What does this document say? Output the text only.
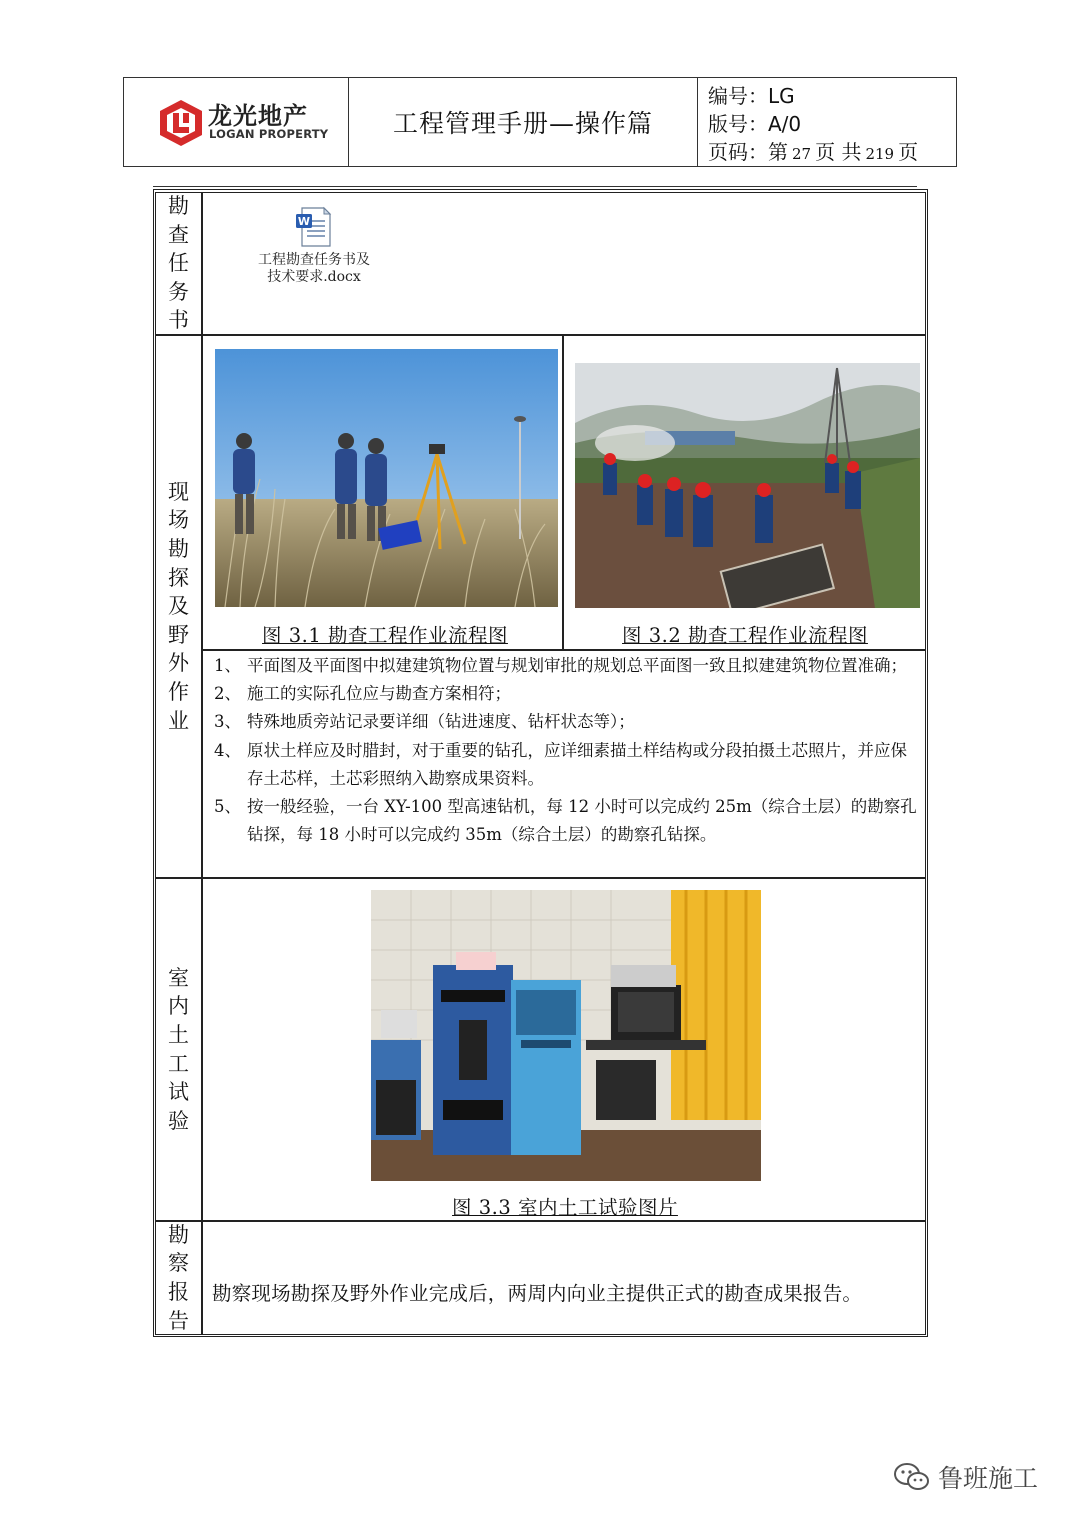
龙光地产
LOGAN PROPERTY	工程管理手册—操作篇
编号：LG
版号：A/0
页码：第 27 页 共 219 页
勘
查
任
务
书
W
工程勘查任务书及
技术要求.docx
现
场
勘
探
及
野
外
作
业
图 3.1 勘查工程作业流程图	图 3.2 勘查工程作业流程图
1、 平面图及平面图中拟建建筑物位置与规划审批的规划总平面图一致且拟建建筑物位置准确；
2、 施工的实际孔位应与勘查方案相符；
3、 特殊地质旁站记录要详细（钻进速度、钻杆状态等）；
4、 原状土样应及时腊封，对于重要的钻孔，应详细素描土样结构或分段拍摄土芯照片，并应保存土芯样，土芯彩照纳入勘察成果资料。
5、 按一般经验，一台 XY-100 型高速钻机，每 12 小时可以完成约 25m（综合土层）的勘察孔钻探，每 18 小时可以完成约 35m（综合土层）的勘察孔钻探。
室
内
土
工
试
验
图 3.3 室内土工试验图片
勘
察
报
告
勘察现场勘探及野外作业完成后，两周内向业主提供正式的勘查成果报告。
鲁班施工
